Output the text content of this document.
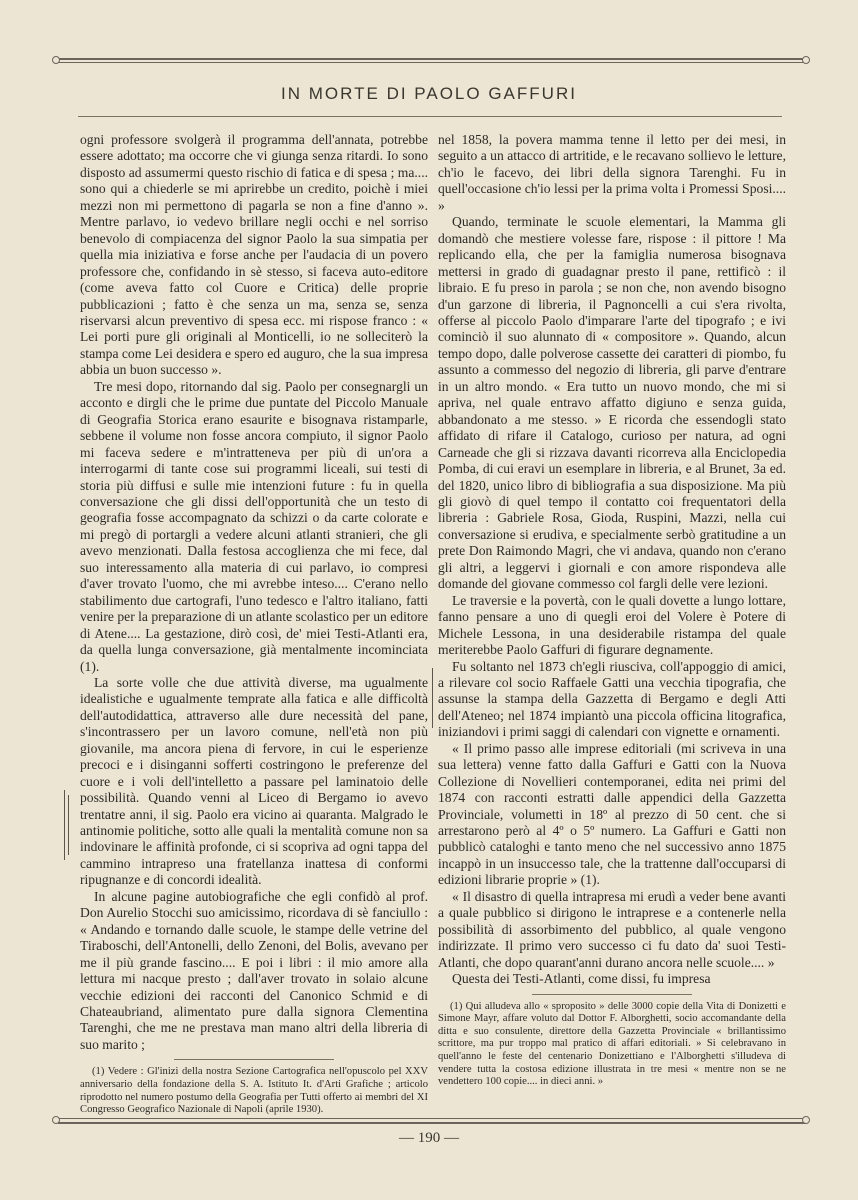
IN MORTE DI PAOLO GAFFURI

ogni professore svolgerà il programma dell'annata, potrebbe essere adottato; ma occorre che vi giunga senza ritardi. Io sono disposto ad assumermi questo rischio di fatica e di spesa ; ma.... sono qui a chiederle se mi aprirebbe un credito, poichè i miei mezzi non mi permettono di pagarla se non a fine d'anno ». Mentre parlavo, io vedevo brillare negli occhi e nel sorriso benevolo di compiacenza del signor Paolo la sua simpatia per quella mia iniziativa e forse anche per l'audacia di un povero professore che, confidando in sè stesso, si faceva auto-editore (come aveva fatto col Cuore e Critica) delle proprie pubblicazioni ; fatto è che senza un ma, senza se, senza riservarsi alcun preventivo di spesa ecc. mi rispose franco : « Lei porti pure gli originali al Monticelli, io ne solleciterò la stampa come Lei desidera e spero ed auguro, che la sua impresa abbia un buon successo ».

Tre mesi dopo, ritornando dal sig. Paolo per consegnargli un acconto e dirgli che le prime due puntate del Piccolo Manuale di Geografia Storica erano esaurite e bisognava ristamparle, sebbene il volume non fosse ancora compiuto, il signor Paolo mi faceva sedere e m'intratteneva per più di un'ora a interrogarmi di tante cose sui programmi liceali, sui testi di storia più diffusi e sulle mie intenzioni future : fu in quella conversazione che gli dissi dell'opportunità che un testo di geografia fosse accompagnato da schizzi o da carte colorate e mi pregò di portargli a vedere alcuni atlanti stranieri, che gli avevo menzionati. Dalla festosa accoglienza che mi fece, dal suo interessamento alla materia di cui parlavo, io compresi d'aver trovato l'uomo, che mi avrebbe inteso.... C'erano nello stabilimento due cartografi, l'uno tedesco e l'altro italiano, fatti venire per la preparazione di un atlante scolastico per un editore di Atene.... La gestazione, dirò così, de' miei Testi-Atlanti era, da quella lunga conversazione, già mentalmente incominciata (1).

La sorte volle che due attività diverse, ma ugualmente idealistiche e ugualmente temprate alla fatica e alle difficoltà dell'autodidattica, attraverso alle dure necessità del pane, s'incontrassero per un lavoro comune, nell'età non più giovanile, ma ancora piena di fervore, in cui le esperienze precoci e i disinganni sofferti costringono le preferenze del cuore e i voli dell'intelletto a passare pel laminatoio delle possibilità. Quando venni al Liceo di Bergamo io avevo trentatre anni, il sig. Paolo era vicino ai quaranta. Malgrado le antinomie politiche, sotto alle quali la mentalità comune non sa indovinare le affinità profonde, ci si scopriva ad ogni tappa del cammino intrapreso una fratellanza inattesa di conformi ripugnanze e di concordi idealità.

In alcune pagine autobiografiche che egli confidò al prof. Don Aurelio Stocchi suo amicissimo, ricordava di sè fanciullo : « Andando e tornando dalle scuole, le stampe delle vetrine del Tiraboschi, dell'Antonelli, dello Zenoni, del Bolis, avevano per me il più grande fascino.... E poi i libri : il mio amore alla lettura mi nacque presto ; dall'aver trovato in solaio alcune vecchie edizioni dei racconti del Canonico Schmid e di Chateaubriand, alimentato pure dalla signora Clementina Tarenghi, che me ne prestava man mano altri della libreria di suo marito ;

(1) Vedere : Gl'inizi della nostra Sezione Cartografica nell'opuscolo pel XXV anniversario della fondazione della S. A. Istituto It. d'Arti Grafiche ; articolo riprodotto nel numero postumo della Geografia per Tutti offerto ai membri del XI Congresso Geografico Nazionale di Napoli (aprile 1930).

nel 1858, la povera mamma tenne il letto per dei mesi, in seguito a un attacco di artritide, e le recavano sollievo le letture, ch'io le facevo, dei libri della signora Tarenghi. Fu in quell'occasione ch'io lessi per la prima volta i Promessi Sposi.... »

Quando, terminate le scuole elementari, la Mamma gli domandò che mestiere volesse fare, rispose : il pittore ! Ma replicando ella, che per la famiglia numerosa bisognava mettersi in grado di guadagnar presto il pane, rettificò : il libraio. E fu preso in parola ; se non che, non avendo bisogno d'un garzone di libreria, il Pagnoncelli a cui s'era rivolta, offerse al piccolo Paolo d'imparare l'arte del tipografo ; e ivi cominciò il suo alunnato di « compositore ». Quando, alcun tempo dopo, dalle polverose cassette dei caratteri di piombo, fu assunto a commesso del negozio di libreria, gli parve d'entrare in un altro mondo. « Era tutto un nuovo mondo, che mi si apriva, nel quale entravo affatto digiuno e senza guida, abbandonato a me stesso. » E ricorda che essendogli stato affidato di rifare il Catalogo, curioso per natura, ad ogni Carneade che gli si rizzava davanti ricorreva alla Enciclopedia Pomba, di cui eravi un esemplare in libreria, e al Brunet, 3a ed. del 1820, unico libro di bibliografia a sua disposizione. Ma più gli giovò di quel tempo il contatto coi frequentatori della libreria : Gabriele Rosa, Gioda, Ruspini, Mazzi, nella cui conversazione si erudiva, e specialmente serbò gratitudine a un prete Don Raimondo Magri, che vi andava, quando non c'erano gli altri, a leggervi i giornali e con amore rispondeva alle domande del giovane commesso col fargli delle vere lezioni.

Le traversie e la povertà, con le quali dovette a lungo lottare, fanno pensare a uno di quegli eroi del Volere è Potere di Michele Lessona, in una desiderabile ristampa del quale meriterebbe Paolo Gaffuri di figurare degnamente.

Fu soltanto nel 1873 ch'egli riusciva, coll'appoggio di amici, a rilevare col socio Raffaele Gatti una vecchia tipografia, che assunse la stampa della Gazzetta di Bergamo e degli Atti dell'Ateneo; nel 1874 impiantò una piccola officina litografica, iniziandovi i primi saggi di calendari con vignette e ornamenti.

« Il primo passo alle imprese editoriali (mi scriveva in una sua lettera) venne fatto dalla Gaffuri e Gatti con la Nuova Collezione di Novellieri contemporanei, edita nei primi del 1874 con racconti estratti dalle appendici della Gazzetta Provinciale, volumetti in 18º al prezzo di 50 cent. che si arrestarono però al 4º o 5º numero. La Gaffuri e Gatti non pubblicò cataloghi e tanto meno che nel successivo anno 1875 incappò in un insuccesso tale, che la trattenne dall'occuparsi di edizioni librarie proprie » (1).

« Il disastro di quella intrapresa mi erudì a veder bene avanti a quale pubblico si dirigono le intraprese e a contenerle nella possibilità di assorbimento del pubblico, al quale vengono indirizzate. Il primo vero successo ci fu dato da' suoi Testi-Atlanti, che dopo quarant'anni durano ancora nelle scuole.... »

Questa dei Testi-Atlanti, come dissi, fu impresa

(1) Qui alludeva allo « sproposito » delle 3000 copie della Vita di Donizetti e Simone Mayr, affare voluto dal Dottor F. Alborghetti, socio accomandante della ditta e suo consulente, direttore della Gazzetta Provinciale « brillantissimo scrittore, ma pur troppo mal pratico di affari editoriali. » Si celebravano in quell'anno le feste del centenario Donizettiano e l'Alborghetti s'illudeva di vendere tutta la costosa edizione illustrata in tre mesi « mentre non se ne vendettero 100 copie.... in dieci anni. »

— 190 —
